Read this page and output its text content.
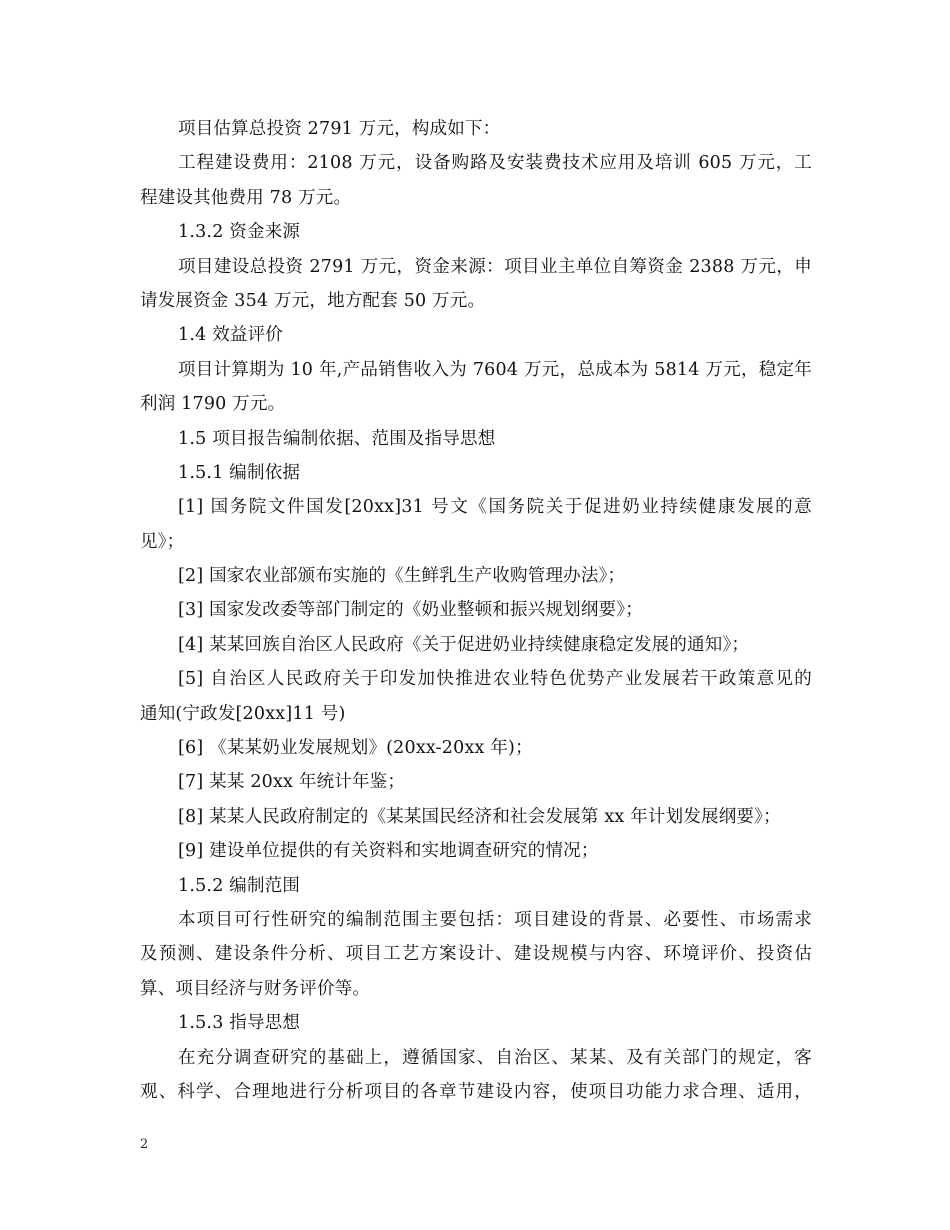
项目估算总投资 2791 万元，构成如下：
工程建设费用：2108 万元，设备购路及安装费技术应用及培训 605 万元，工
程建设其他费用 78 万元。
1.3.2 资金来源
项目建设总投资 2791 万元，资金来源：项目业主单位自筹资金 2388 万元，申
请发展资金 354 万元，地方配套 50 万元。
1.4 效益评价
项目计算期为 10 年,产品销售收入为 7604 万元，总成本为 5814 万元，稳定年
利润 1790 万元。
1.5 项目报告编制依据、范围及指导思想
1.5.1 编制依据
[1] 国务院文件国发[20xx]31 号文《国务院关于促进奶业持续健康发展的意
见》；
[2] 国家农业部颁布实施的《生鲜乳生产收购管理办法》；
[3] 国家发改委等部门制定的《奶业整顿和振兴规划纲要》；
[4] 某某回族自治区人民政府《关于促进奶业持续健康稳定发展的通知》；
[5] 自治区人民政府关于印发加快推进农业特色优势产业发展若干政策意见的
通知(宁政发[20xx]11 号)
[6] 《某某奶业发展规划》(20xx-20xx 年)；
[7] 某某 20xx 年统计年鉴；
[8] 某某人民政府制定的《某某国民经济和社会发展第 xx 年计划发展纲要》；
[9] 建设单位提供的有关资料和实地调查研究的情况；
1.5.2 编制范围
本项目可行性研究的编制范围主要包括：项目建设的背景、必要性、市场需求
及预测、建设条件分析、项目工艺方案设计、建设规模与内容、环境评价、投资估
算、项目经济与财务评价等。
1.5.3 指导思想
在充分调查研究的基础上，遵循国家、自治区、某某、及有关部门的规定，客
观、科学、合理地进行分析项目的各章节建设内容，使项目功能力求合理、适用，
2
